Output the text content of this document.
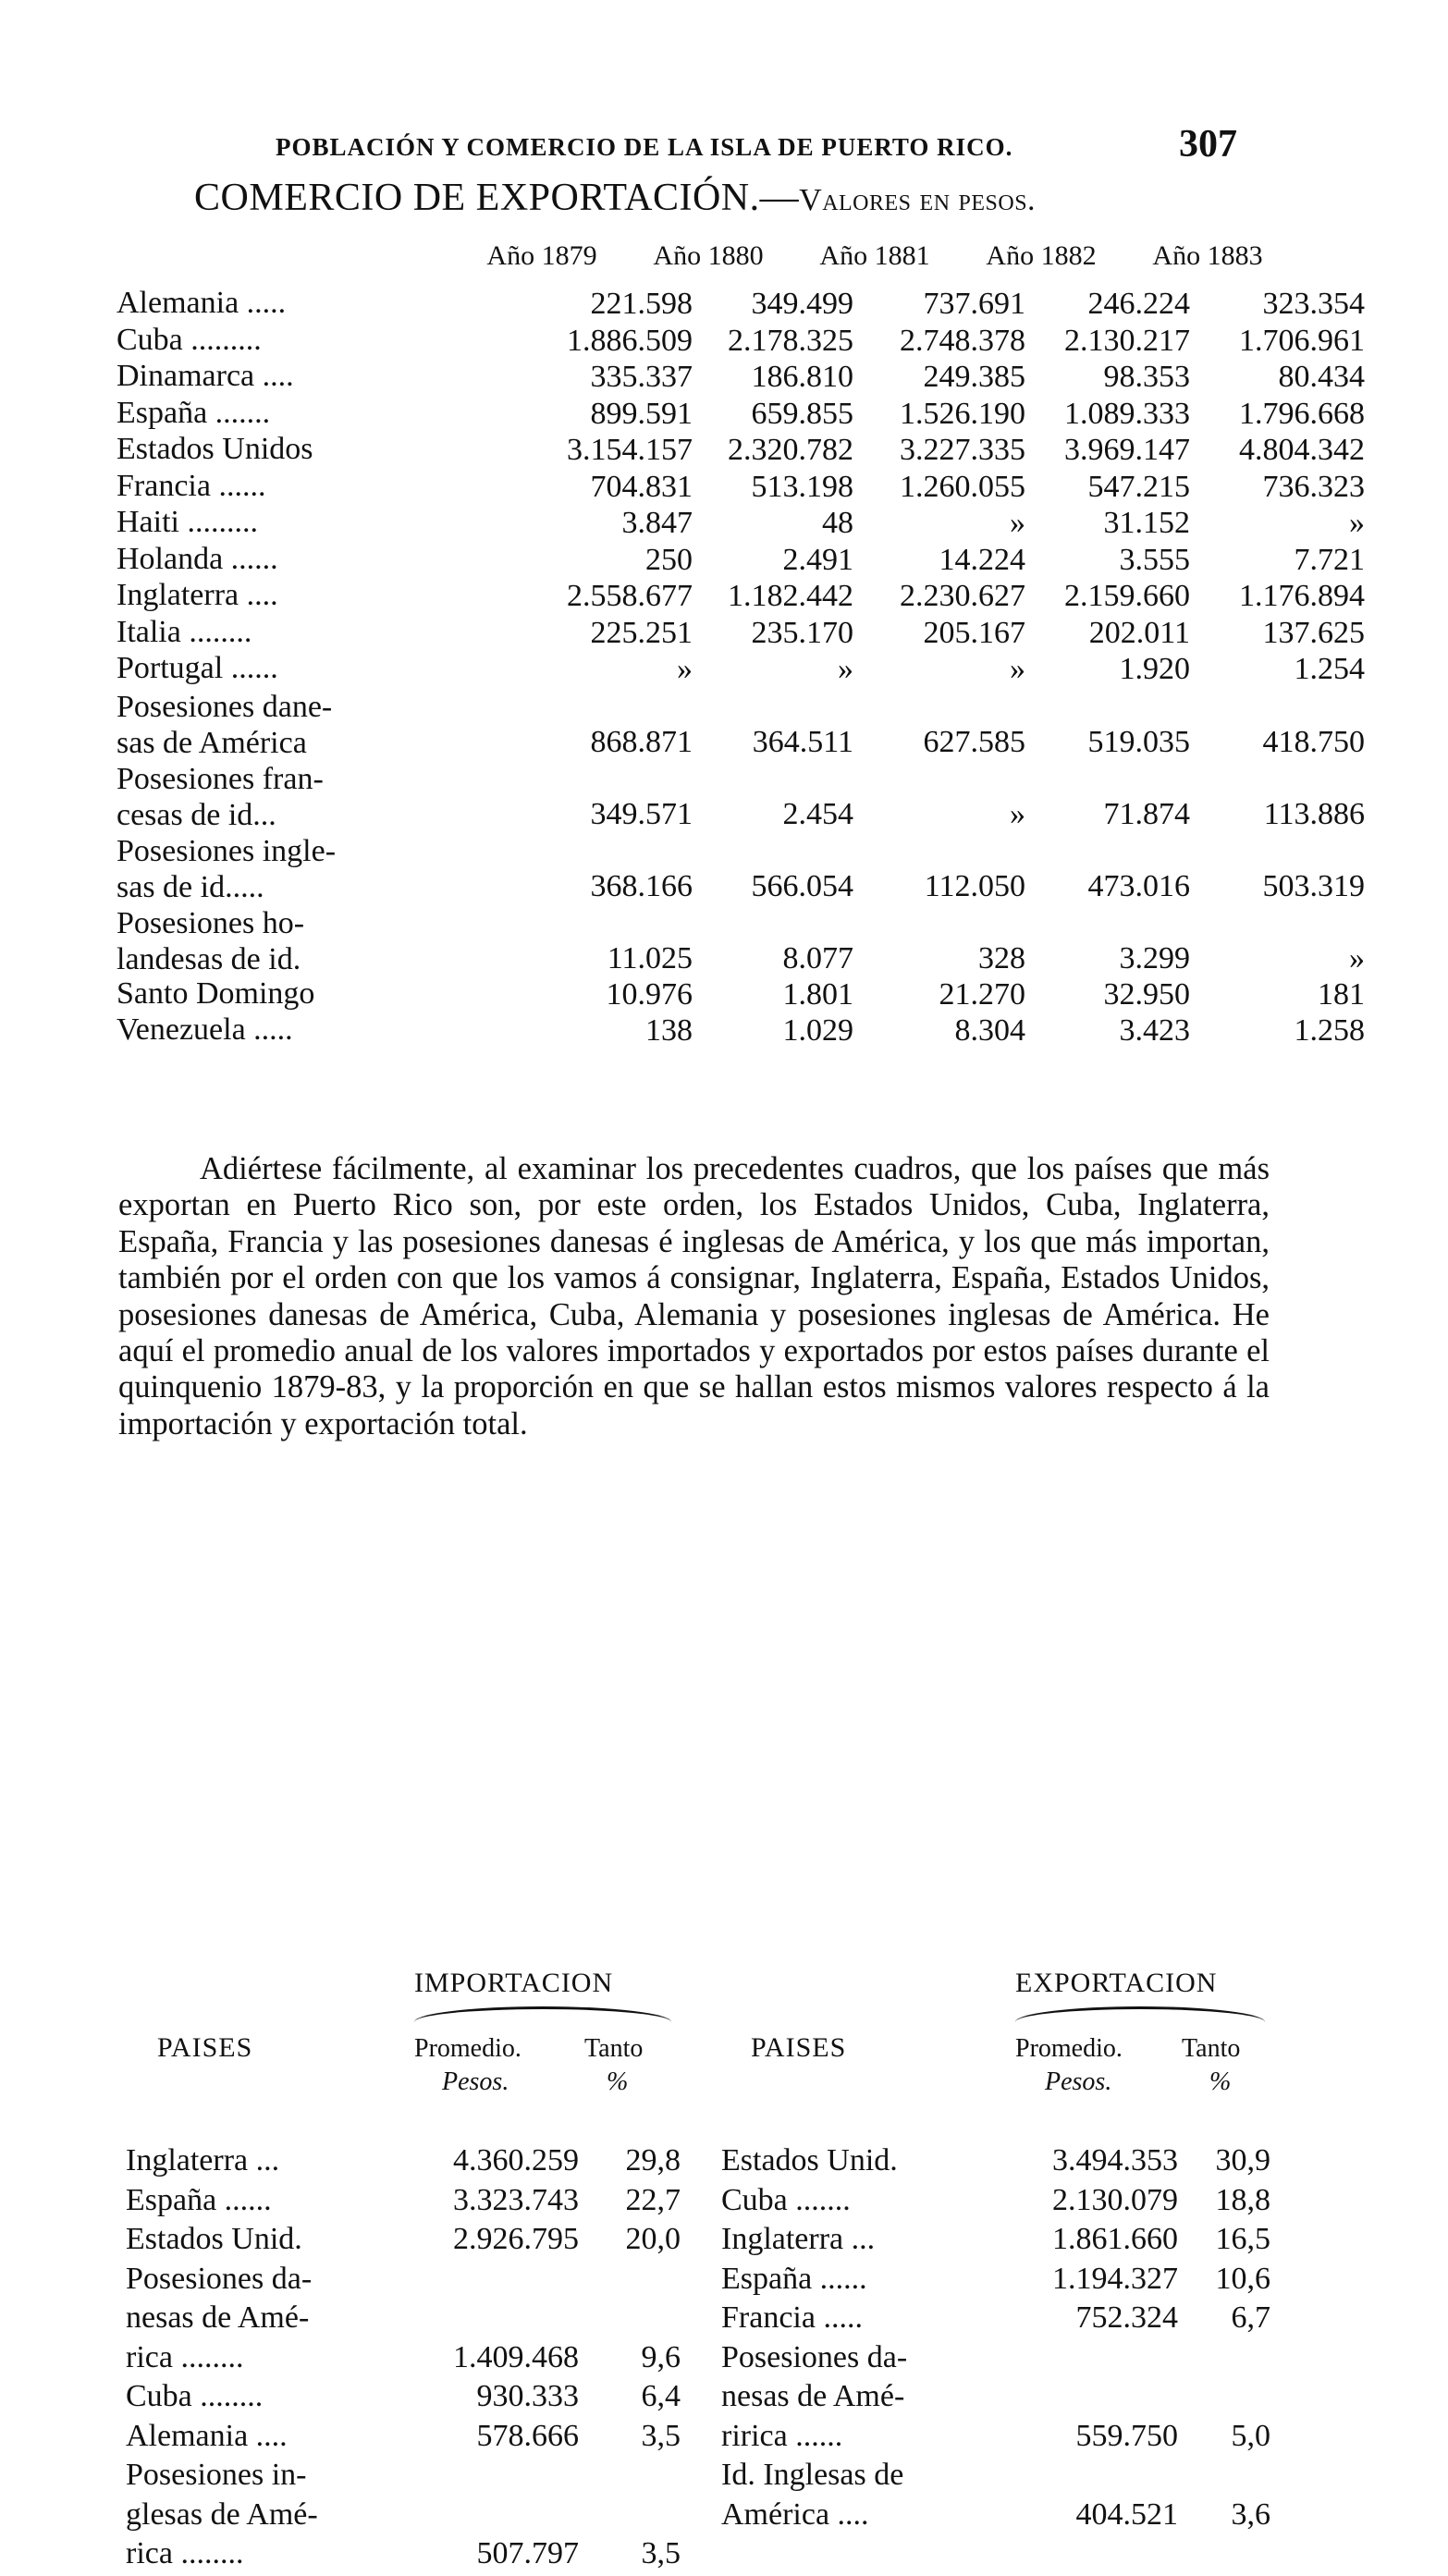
POBLACIÓN Y COMERCIO DE LA ISLA DE PUERTO RICO.	307
COMERCIO DE EXPORTACIÓN.—Valores en pesos.
Año 1879	Año 1880	Año 1881	Año 1882	Año 1883
Alemania .....	221.598	349.499	737.691	246.224	323.354
Cuba .........	1.886.509	2.178.325	2.748.378	2.130.217	1.706.961
Dinamarca ....	335.337	186.810	249.385	98.353	80.434
España .......	899.591	659.855	1.526.190	1.089.333	1.796.668
Estados Unidos	3.154.157	2.320.782	3.227.335	3.969.147	4.804.342
Francia ......	704.831	513.198	1.260.055	547.215	736.323
Haiti .........	3.847	48	»	31.152	»
Holanda ......	250	2.491	14.224	3.555	7.721
Inglaterra ....	2.558.677	1.182.442	2.230.627	2.159.660	1.176.894
Italia ........	225.251	235.170	205.167	202.011	137.625
Portugal ......	»	»	»	1.920	1.254
Posesiones dane-
sas de América	868.871	364.511	627.585	519.035	418.750
Posesiones fran-
cesas de id...	349.571	2.454	»	71.874	113.886
Posesiones ingle-
sas de id.....	368.166	566.054	112.050	473.016	503.319
Posesiones ho-
landesas de id.	11.025	8.077	328	3.299	»
Santo Domingo	10.976	1.801	21.270	32.950	181
Venezuela .....	138	1.029	8.304	3.423	1.258
Adiértese fácilmente, al examinar los precedentes cuadros, que los países que más exportan en Puerto Rico son, por este orden, los Estados Unidos, Cuba, Inglaterra, España, Francia y las posesiones danesas é inglesas de América, y los que más importan, también por el orden con que los vamos á consignar, Inglaterra, España, Estados Unidos, posesiones danesas de América, Cuba, Alemania y posesiones inglesas de América. He aquí el promedio anual de los valores importados y exportados por estos países durante el quinquenio 1879-83, y la proporción en que se hallan estos mismos valores respecto á la importación y exportación total.
IMPORTACION	EXPORTACION
PAISES	PAISES
Promedio. Tanto
Pesos.	%
Promedio. Tanto
Pesos.	%
Inglaterra ...	4.360.259 29,8
España ......	3.323.743 22,7
Estados Unid.	2.926.795 20,0
Posesiones da-
nesas de Amé-
rica ........	1.409.468 9,6
Cuba ........	930.333 6,4
Alemania ....	578.666 3,5
Posesiones in-
glesas de Amé-
rica ........	507.797 3,5
Estados Unid.	3.494.353 30,9
Cuba .......	2.130.079 18,8
Inglaterra ...	1.861.660 16,5
España ......	1.194.327 10,6
Francia .....	752.324 6,7
Posesiones da-
nesas de Amé-
ririca ......	559.750 5,0
Id. Inglesas de
América ....	404.521 3,6
